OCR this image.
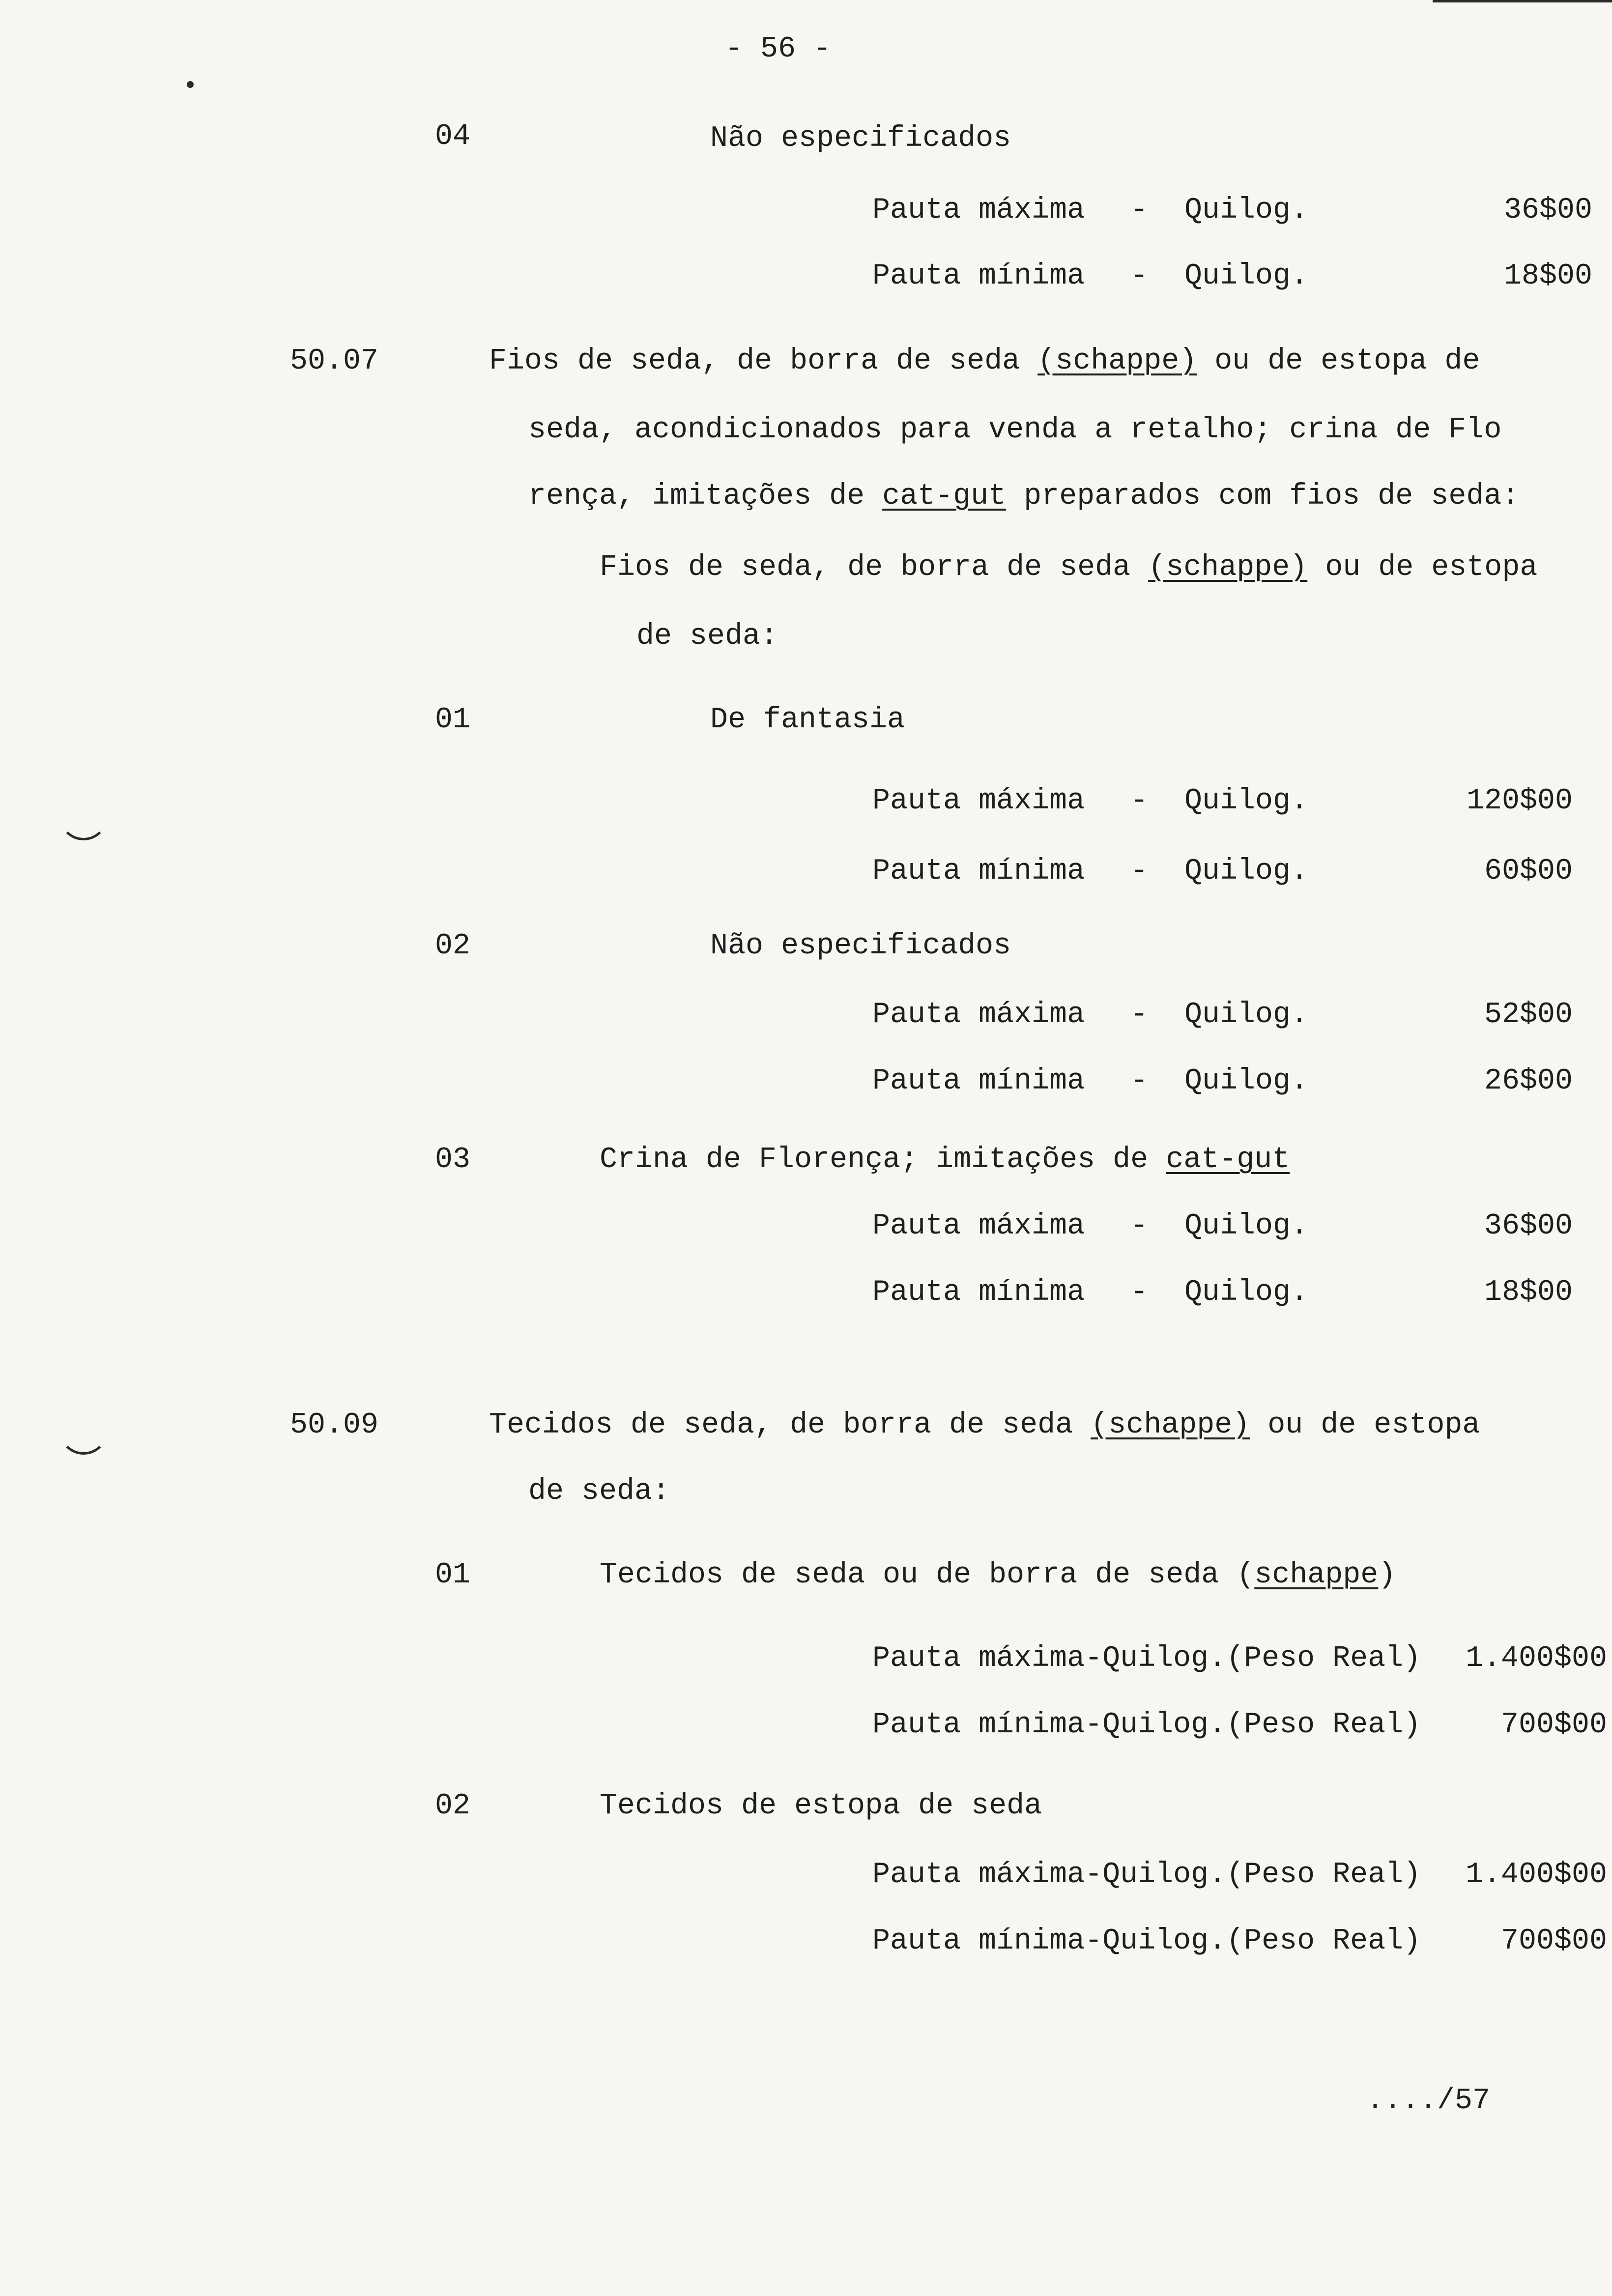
- 56 -
04	Não especificados
Pauta máxima - Quilog.	36$00
Pauta mínima - Quilog.	18$00
50.07	Fios de seda, de borra de seda (schappe) ou de estopa de
seda, acondicionados para venda a retalho; crina de Flo
rença, imitações de cat-gut preparados com fios de seda:
Fios de seda, de borra de seda (schappe) ou de estopa
de seda:
01	De fantasia
Pauta máxima - Quilog.	120$00
Pauta mínima - Quilog.	60$00
02	Não especificados
Pauta máxima - Quilog.	52$00
Pauta mínima - Quilog.	26$00
03	Crina de Florença; imitações de cat-gut
Pauta máxima - Quilog.	36$00
Pauta mínima - Quilog.	18$00
50.09	Tecidos de seda, de borra de seda (schappe) ou de estopa
de seda:
01	Tecidos de seda ou de borra de seda (schappe)
Pauta máxima-Quilog.(Peso Real)	1.400$00
Pauta mínima-Quilog.(Peso Real)	700$00
02	Tecidos de estopa de seda
Pauta máxima-Quilog.(Peso Real)	1.400$00
Pauta mínima-Quilog.(Peso Real)	700$00
..../57
